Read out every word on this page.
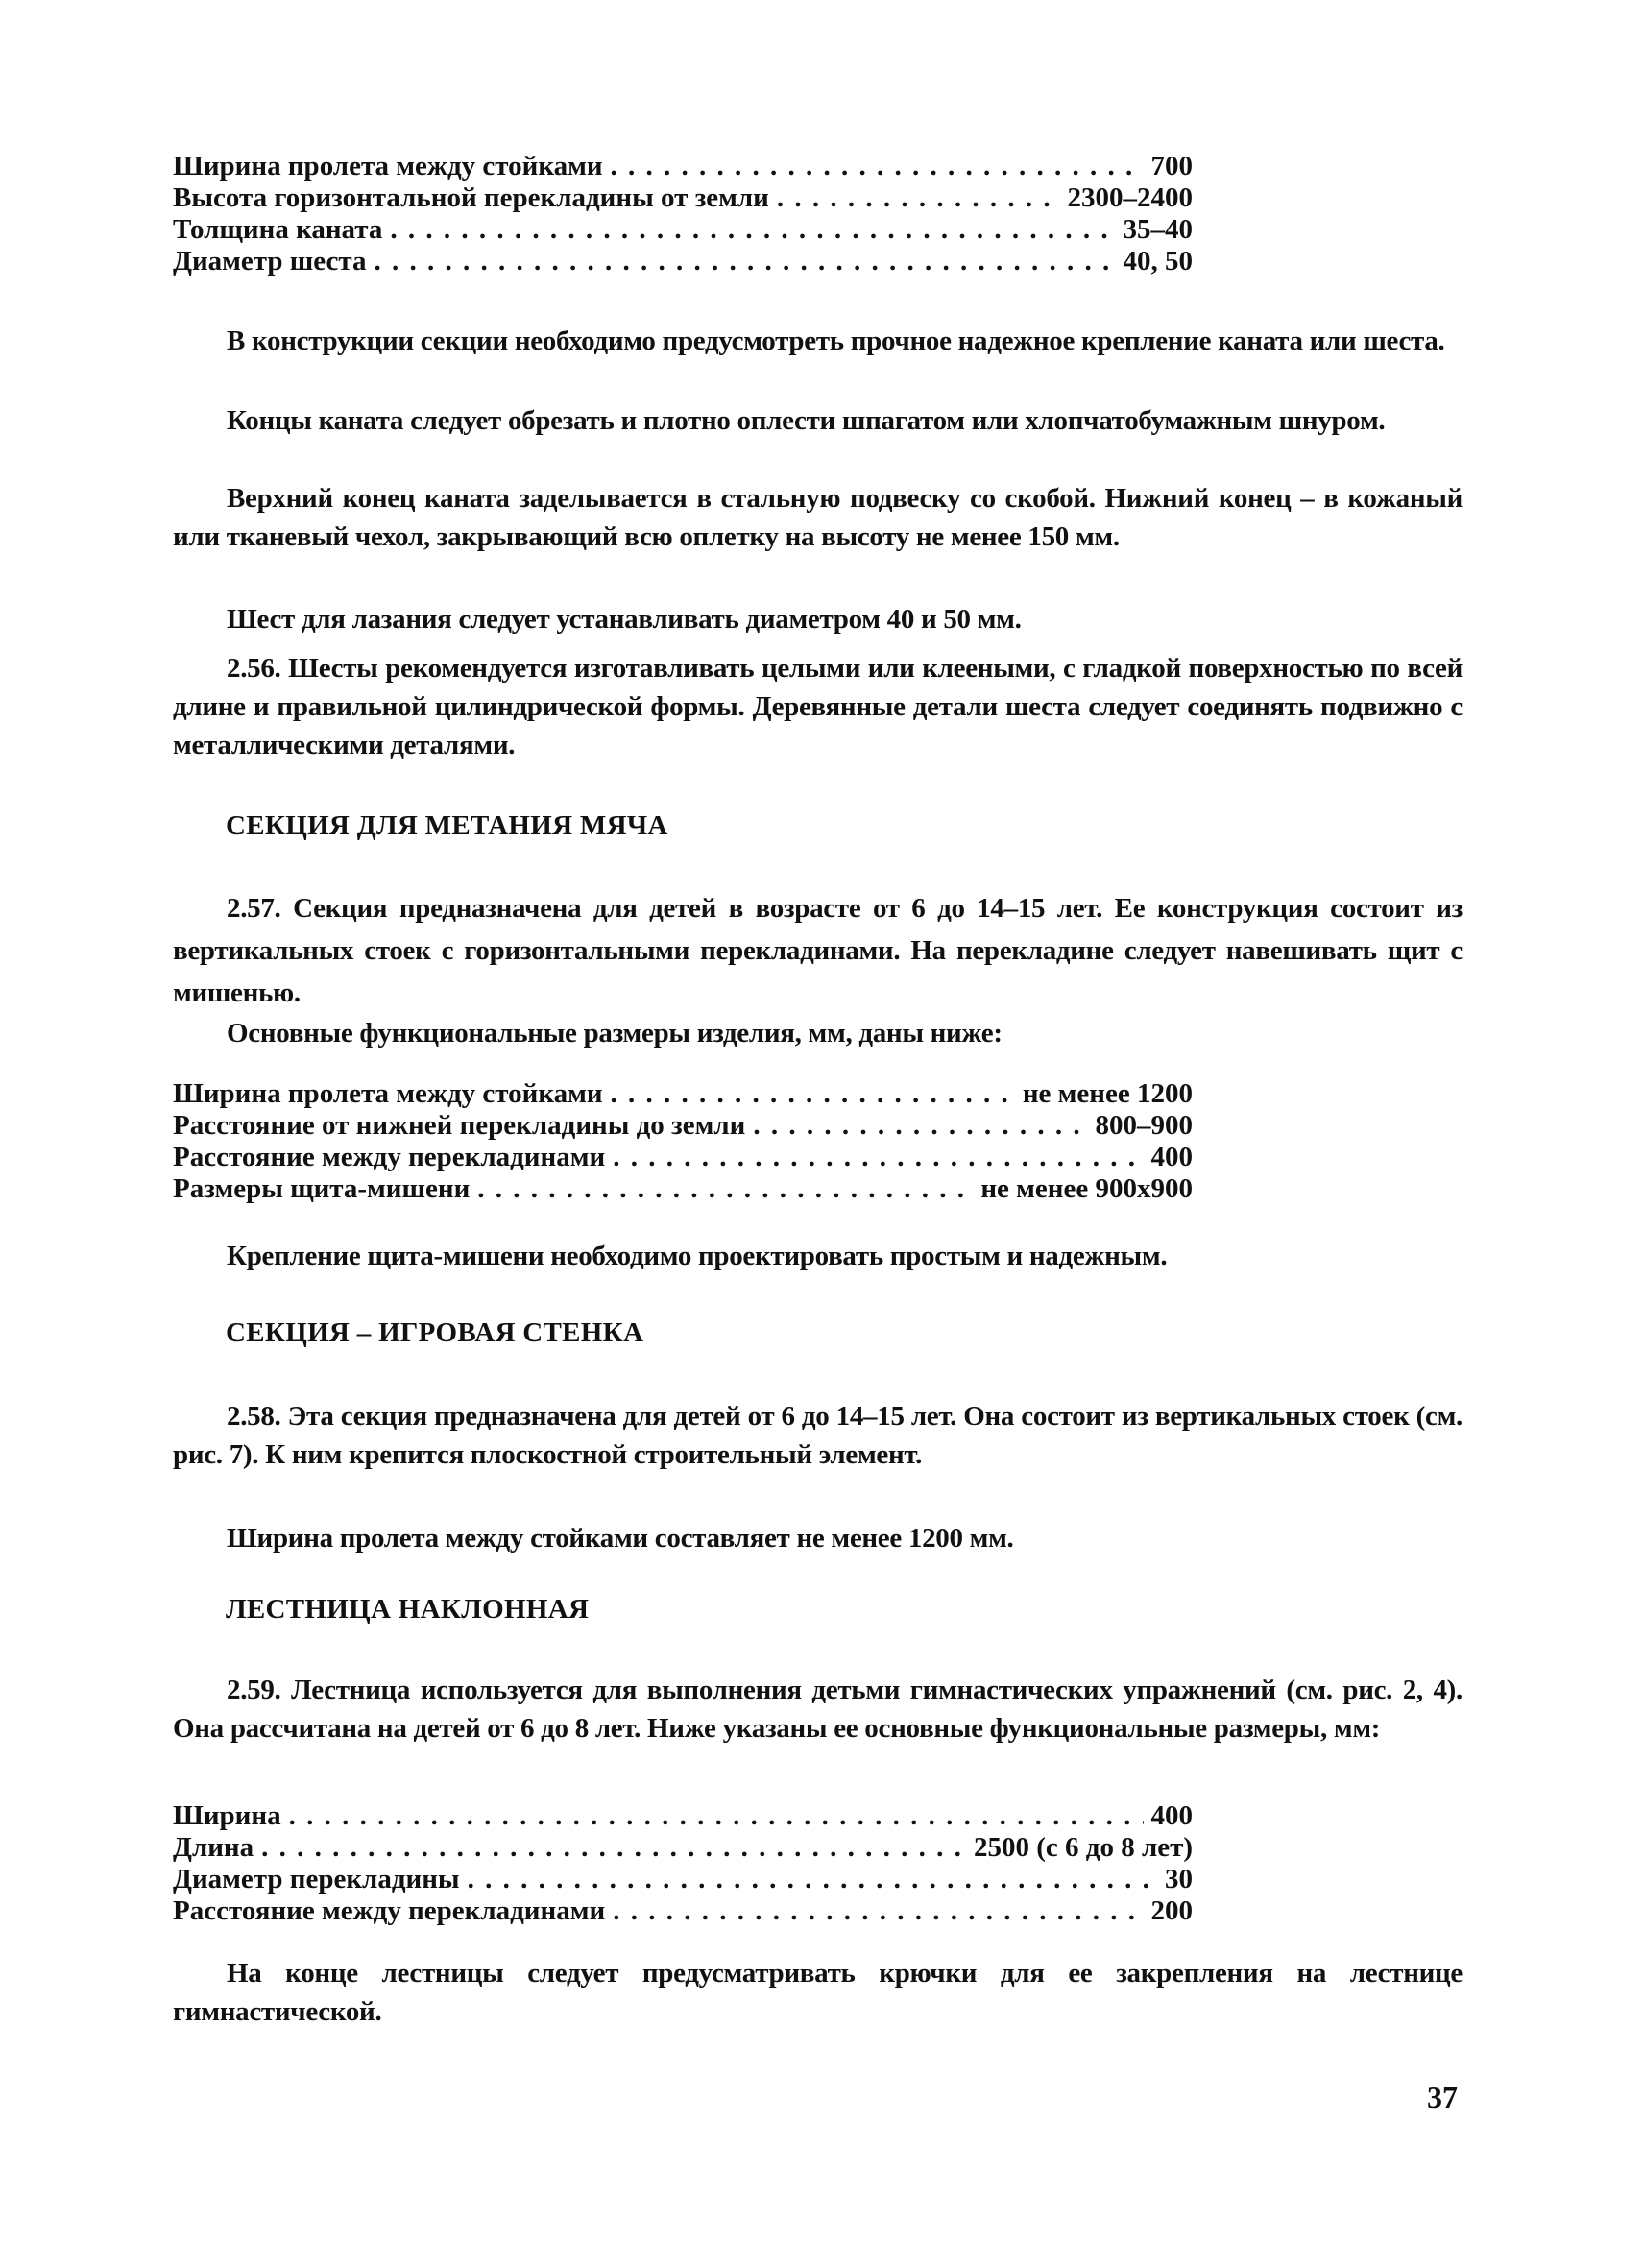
Ширина пролета между стойками . . .	700
Высота горизонтальной перекладины от земли . . .	2300–2400
Толщина каната . . .	35–40
Диаметр шеста . . .	40, 50
В конструкции секции необходимо предусмотреть прочное надежное крепление каната или шеста.
Концы каната следует обрезать и плотно оплести шпагатом или хлопчатобумажным шнуром.
Верхний конец каната заделывается в стальную подвеску со скобой. Нижний конец – в кожаный или тканевый чехол, закрывающий всю оплетку на высоту не менее 150 мм.
Шест для лазания следует устанавливать диаметром 40 и 50 мм.
2.56. Шесты рекомендуется изготавливать целыми или клееными, с гладкой поверхностью по всей длине и правильной цилиндрической формы. Деревянные детали шеста следует соединять подвижно с металлическими деталями.
СЕКЦИЯ ДЛЯ МЕТАНИЯ МЯЧА
2.57. Секция предназначена для детей в возрасте от 6 до 14–15 лет. Ее конструкция состоит из вертикальных стоек с горизонтальными перекладинами. На перекладине следует навешивать щит с мишенью.
Основные функциональные размеры изделия, мм, даны ниже:
Ширина пролета между стойками . . .	не менее 1200
Расстояние от нижней перекладины до земли . . .	800–900
Расстояние между перекладинами . . .	400
Размеры щита-мишени . . .	не менее 900х900
Крепление щита-мишени необходимо проектировать простым и надежным.
СЕКЦИЯ – ИГРОВАЯ СТЕНКА
2.58. Эта секция предназначена для детей от 6 до 14–15 лет. Она состоит из вертикальных стоек (см. рис. 7). К ним крепится плоскостной строительный элемент.
Ширина пролета между стойками составляет не менее 1200 мм.
ЛЕСТНИЦА НАКЛОННАЯ
2.59. Лестница используется для выполнения детьми гимнастических упражнений (см. рис. 2, 4). Она рассчитана на детей от 6 до 8 лет. Ниже указаны ее основные функциональные размеры, мм:
Ширина . . .	400
Длина . . .	2500 (с 6 до 8 лет)
Диаметр перекладины . . .	30
Расстояние между перекладинами . . .	200
На конце лестницы следует предусматривать крючки для ее закрепления на лестнице гимнастической.
37
